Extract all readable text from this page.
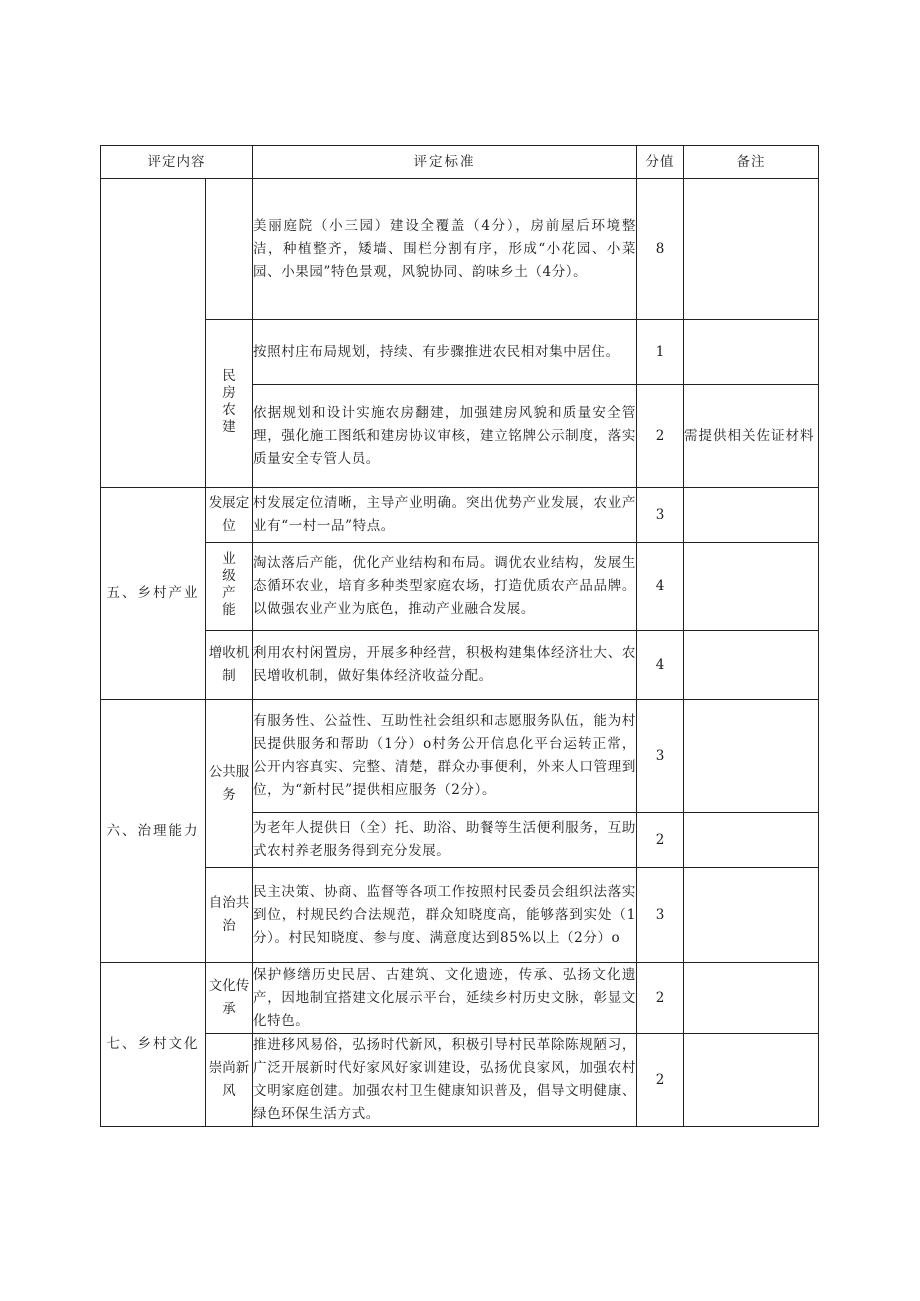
评定内容		评定标准	分值	备注
		美丽庭院（小三园）建设全覆盖（4分），房前屋后环境整洁，种植整齐，矮墙、围栏分割有序，形成“小花园、小菜园、小果园”特色景观，风貌协同、韵味乡土（4分）。	8	
	民房农建	按照村庄布局规划，持续、有步骤推进农民相对集中居住。	1	
		依据规划和设计实施农房翻建，加强建房风貌和质量安全管理，强化施工图纸和建房协议审核，建立铭牌公示制度，落实质量安全专管人员。	2	需提供相关佐证材料
五、乡村产业	发展定位	村发展定位清晰，主导产业明确。突出优势产业发展，农业产业有“一村一品”特点。	3	
	业级产能	淘汰落后产能，优化产业结构和布局。调优农业结构，发展生态循环农业，培育多种类型家庭农场，打造优质农产品品牌。以做强农业产业为底色，推动产业融合发展。	4	
	增收机制	利用农村闲置房，开展多种经营，积极构建集体经济壮大、农民增收机制，做好集体经济收益分配。	4	
六、治理能力	公共服务	有服务性、公益性、互助性社会组织和志愿服务队伍，能为村民提供服务和帮助（1分）o村务公开信息化平台运转正常，公开内容真实、完整、清楚，群众办事便利，外来人口管理到位，为“新村民”提供相应服务（2分）。	3	
		为老年人提供日（全）托、助浴、助餐等生活便利服务，互助式农村养老服务得到充分发展。	2	
	自治共治	民主决策、协商、监督等各项工作按照村民委员会组织法落实到位，村规民约合法规范，群众知晓度高，能够落到实处（1分）。村民知晓度、参与度、满意度达到85%以上（2分）o	3	
七、乡村文化	文化传承	保护修缮历史民居、古建筑、文化遗迹，传承、弘扬文化遗产，因地制宜搭建文化展示平台，延续乡村历史文脉，彰显文化特色。	2	
	崇尚新风	推进移风易俗，弘扬时代新风，积极引导村民革除陈规陋习，广泛开展新时代好家风好家训建设，弘扬优良家风，加强农村文明家庭创建。加强农村卫生健康知识普及，倡导文明健康、绿色环保生活方式。	2	
